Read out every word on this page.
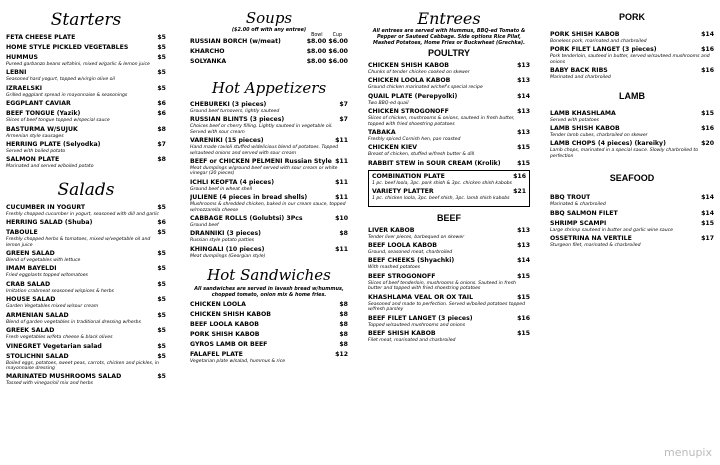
Starters
FETA CHEESE PLATE	$5
HOME STYLE PICKLED VEGETABLES	$5
HUMMUS	$5
Pureed garbanzo beans w/tahini, mixed w/garlic & lemon juice
LEBNI	$5
Seasoned hard yogurt, topped w/virgin olive oil
IZRAELSKI	$5
Grilled eggplant spread in mayonnaise & seasonings
EGGPLANT CAVIAR	$6
BEEF TONGUE (Yazik)	$6
Slices of beef tongue topped w/special sauce
BASTURMA W/SUJUK	$8
Armenian style sausages
HERRING PLATE (Selyodka)	$7
Served with boiled potato
SALMON PLATE	$8
Marinated and served w/boiled potato
Salads
CUCUMBER IN YOGURT	$5
Freshly chopped cucumber in yogurt, seasoned with dill and garlic
HERRING SALAD (Shuba)	$6
TABOULE	$5
Freshly chopped herbs & tomatoes, mixed w/vegetable oil and lemon juice
GREEN SALAD	$5
Blend of vegetables with lettuce
IMAM BAYELDI	$5
Fried eggplants topped w/tomatoes
CRAB SALAD	$5
Imitation crabmeat seasoned w/spices & herbs
HOUSE SALAD	$5
Garden Vegetables mixed w/sour cream
ARMENIAN SALAD	$5
Blend of garden vegetables in traditional dressing w/herbs
GREEK SALAD	$5
Fresh vegetables w/feta cheese & black olives
VINEGRET Vegetarian salad	$5
STOLICHNI SALAD	$5
Boiled eggs, potatoes, sweet peas, carrots, chicken and pickles, in mayonnaise dressing
MARINATED MUSHROOMS SALAD	$5
Tossed with vinegar/oil mix and herbs
Soups
($2.00 off with any entree)
Bowl Cup
RUSSIAN BORCH (w/meat)	$8.00 $6.00
KHARCHO	$8.00 $6.00
SOLYANKA	$8.00 $6.00
Hot Appetizers
CHEBUREKI (3 pieces)	$7
Ground beef turnovers, lightly sauteed
RUSSIAN BLINTS (3 pieces)	$7
Choices beef or cherry filling. Lightly sauteed in vegetable oil. Served with sour cream
VARENIKI (15 pieces)	$11
Hand made ravioli stuffed w/delicious blend of potatoes. Topped w/sauteed onions and served with sour cream
BEEF or CHICKEN PELMENI Russian Style $11
Meat dumplings w/ground beef served with sour cream or white vinegar (20 pieces)
ICHLI KEOFTA (4 pieces)	$11
Ground beef in wheat shell
JULIENE (4 pieces in bread shells)	$11
Mushrooms & shredded chicken, baked in our cream sauce, topped w/mozzarella cheese
CABBAGE ROLLS (Golubtsi) 3Pcs	$10
Ground beef
DRANNIKI (3 pieces)	$8
Russian style potato patties
KHINGALI (10 pieces)	$11
Meat dumplings (Georgian style)
Hot Sandwiches
All sandwiches are served in lavash bread w/hummus, chopped tomato, onion mix & home fries.
CHICKEN LOOLA	$8
CHICKEN SHISH KABOB	$8
BEEF LOOLA KABOB	$8
PORK SHISH KABOB	$8
GYROS LAMB OR BEEF	$8
FALAFEL PLATE	$12
Vegetarian plate w/salad, hummus & rice
Entrees
All entrees are served with Hummus, BBQ-ed Tomato & Pepper or Sauteed Cabbage. Side options Rice Pilaf, Mashed Potatoes, Home Fries or Buckwheat (Grechka).
POULTRY
CHICKEN SHISH KABOB	$13
Chunks of tender chicken cooked on skewer
CHICKEN LOOLA KABOB	$13
Ground chicken marinated w/chef's special recipe
QUAIL PLATE (Perepyolki)	$14
Two BBQ-ed quail
CHICKEN STROGONOFF	$13
Slices of chicken, mushrooms & onions, sauteed in fresh butter, topped with fried shoestring potatoes
TABAKA	$13
Freshly spiced Cornish hen, pan roasted
CHICKEN KIEV	$15
Breast of chicken, stuffed w/fresh butter & dill
RABBIT STEW in SOUR CREAM (Krolik)	$15
COMBINATION PLATE	$16
1 pc. beef loola, 3pc. pork shish & 3pc. chicken shish kabobs
VARIETY PLATTER	$21
1 pc. chicken loola, 3pc. beef shish, 3pc. lamb shish kabobs
BEEF
LIVER KABOB	$13
Tender liver pieces, barbequed on skewer
BEEF LOOLA KABOB	$13
Ground, seasoned meat, charbroiled
BEEF CHEEKS (Shyachki)	$14
With mashed potatoes
BEEF STROGONOFF	$15
Slices of beef tenderloin, mushrooms & onions. Sauteed in fresh butter and topped with fried shoestring potatoes
KHASHLAMA VEAL OR OX TAIL	$15
Seasoned and made to perfection. Served w/boiled potatoes topped w/fresh parsley
BEEF FILET LANGET (3 pieces)	$16
Topped w/sauteed mushrooms and onions
BEEF SHISH KABOB	$15
Filet meat, marinated and charbroiled
PORK
PORK SHISH KABOB	$14
Boneless pork, marinated and charbroiled
PORK FILET LANGET (3 pieces)	$16
Pork tenderloin, sauteed in butter, served w/sauteed mushrooms and onions
BABY BACK RIBS	$16
Marinated and charbroiled
LAMB
LAMB KHASHLAMA	$15
Served with potatoes
LAMB SHISH KABOB	$16
Tender lamb cubes, charbroiled on skewer
LAMB CHOPS (4 pieces) (kareiky)	$20
Lamb chops, marinated in a special sauce. Slowly charbroiled to perfection
SEAFOOD
BBQ TROUT	$14
Marinated & charbroiled
BBQ SALMON FILET	$14
SHRIMP SCAMPI	$15
Large shrimp sauteed in butter and garlic wine sauce
OSSETRINA NA VERTILE	$17
Sturgeon filet, marinated & charbroiled
menupix
